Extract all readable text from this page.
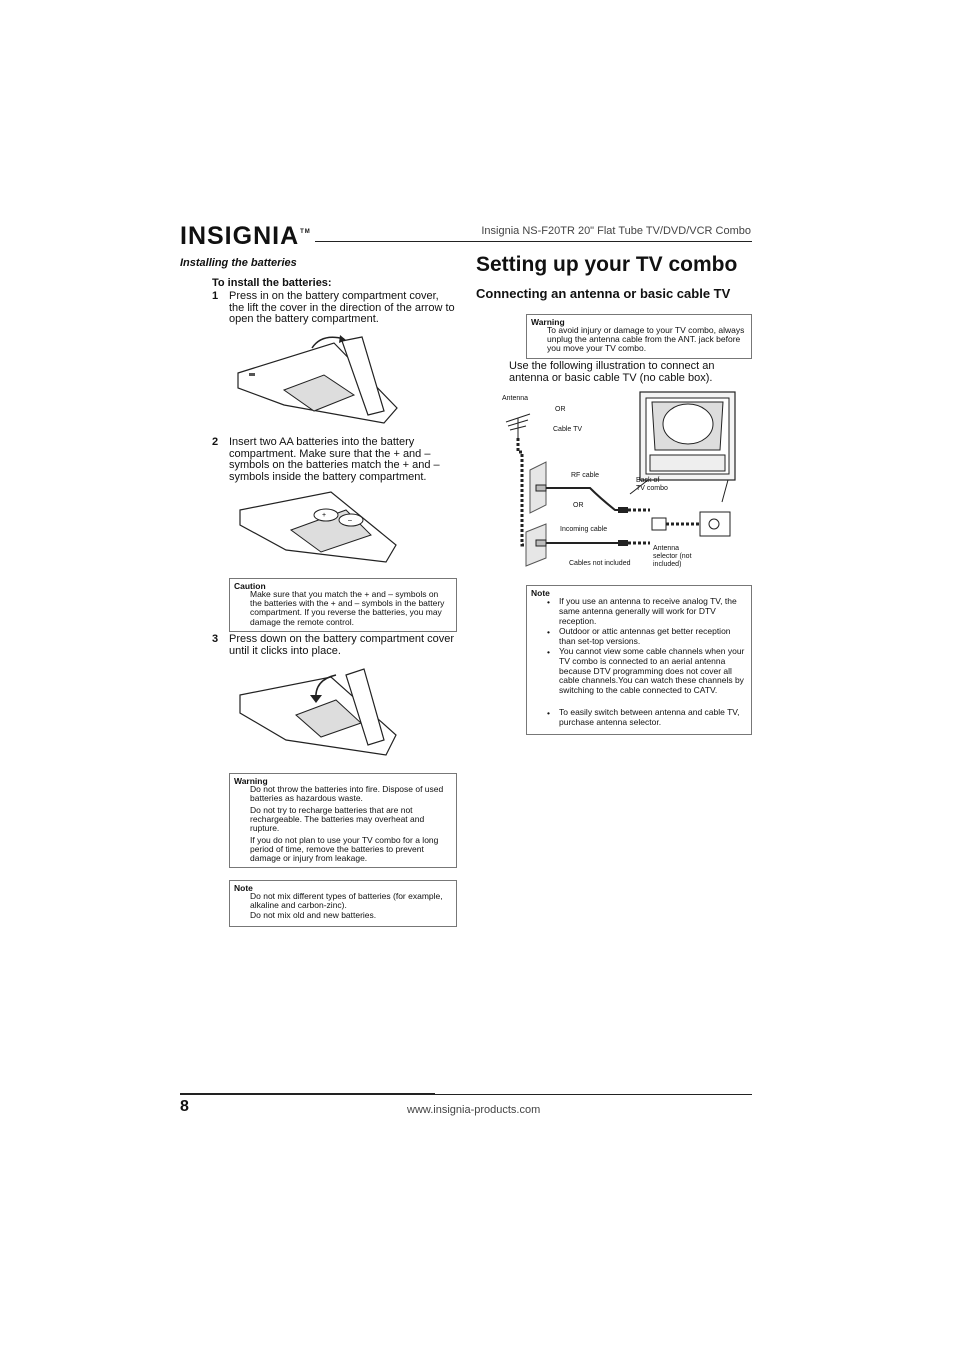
INSIGNIA TM	Insignia NS-F20TR 20" Flat Tube TV/DVD/VCR Combo
Installing the batteries
To install the batteries:
1 Press in on the battery compartment cover, the lift the cover in the direction of the arrow to open the battery compartment.
2 Insert two AA batteries into the battery compartment. Make sure that the + and – symbols on the batteries match the + and – symbols inside the battery compartment.
+
–
Caution

Make sure that you match the + and – symbols on the batteries with the + and – symbols in the battery compartment. If you reverse the batteries, you may damage the remote control.

3 Press down on the battery compartment cover until it clicks into place.
Warning

Do not throw the batteries into fire. Dispose of used batteries as hazardous waste.

Do not try to recharge batteries that are not rechargeable. The batteries may overheat and rupture.

If you do not plan to use your TV combo for a long period of time, remove the batteries to prevent damage or injury from leakage.

Note

Do not mix different types of batteries (for example, alkaline and carbon-zinc).

Do not mix old and new batteries.

Setting up your TV combo
Connecting an antenna or basic cable TV
Warning

To avoid injury or damage to your TV combo, always unplug the antenna cable from the ANT. jack before you move your TV combo.

Use the following illustration to connect an antenna or basic cable TV (no cable box).
Antenna
OR
Cable TV
RF cable
OR
Incoming cable
Cables not included
Back of
TV combo
Antenna
selector (not
included)
Note
• If you use an antenna to receive analog TV, the same antenna generally will work for DTV reception.
• Outdoor or attic antennas get better reception than set-top versions.
• You cannot view some cable channels when your TV combo is connected to an aerial antenna because DTV programming does not cover all cable channels.You can watch these channels by switching to the cable connected to CATV.
• To easily switch between antenna and cable TV, purchase antenna selector.
8	www.insignia-products.com
